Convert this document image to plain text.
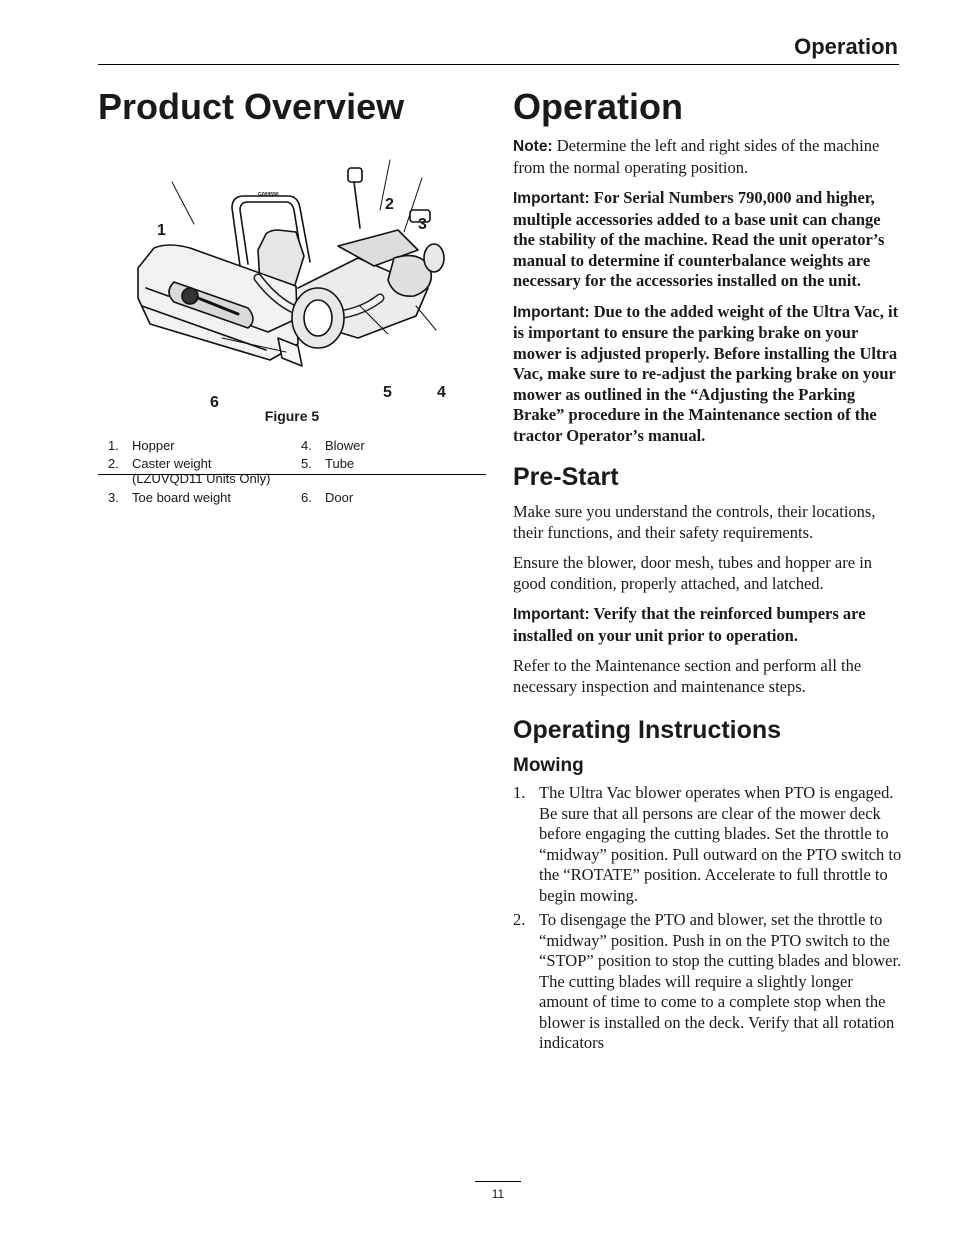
Operation
Product Overview
G009590
1
2
3
4
5
6
Figure 5
1. Hopper
2. Caster weight
(LZUVQD11 Units Only)
3. Toe board weight
4. Blower
5. Tube
6. Door
Operation

Note: Determine the left and right sides of the machine from the normal operating position.

Important: For Serial Numbers 790,000 and higher, multiple accessories added to a base unit can change the stability of the machine. Read the unit operator’s manual to determine if counterbalance weights are necessary for the accessories installed on the unit.

Important: Due to the added weight of the Ultra Vac, it is important to ensure the parking brake on your mower is adjusted properly. Before installing the Ultra Vac, make sure to re-adjust the parking brake on your mower as outlined in the “Adjusting the Parking Brake” procedure in the Maintenance section of the tractor Operator’s manual.

Pre-Start

Make sure you understand the controls, their locations, their functions, and their safety requirements.

Ensure the blower, door mesh, tubes and hopper are in good condition, properly attached, and latched.

Important: Verify that the reinforced bumpers are installed on your unit prior to operation.

Refer to the Maintenance section and perform all the necessary inspection and maintenance steps.

Operating Instructions
Mowing
1. The Ultra Vac blower operates when PTO is engaged. Be sure that all persons are clear of the mower deck before engaging the cutting blades. Set the throttle to “midway” position. Pull outward on the PTO switch to the “ROTATE” position. Accelerate to full throttle to begin mowing.
2. To disengage the PTO and blower, set the throttle to “midway” position. Push in on the PTO switch to the “STOP” position to stop the cutting blades and blower. The cutting blades will require a slightly longer amount of time to come to a complete stop when the blower is installed on the deck. Verify that all rotation indicators
11
